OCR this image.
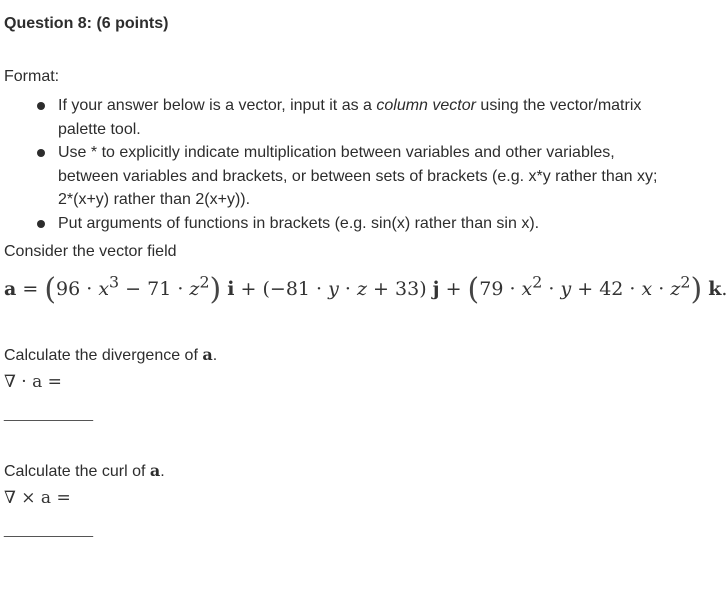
Question 8: (6 points)
Format:
If your answer below is a vector, input it as a column vector using the vector/matrix palette tool.
Use * to explicitly indicate multiplication between variables and other variables, between variables and brackets, or between sets of brackets (e.g. x*y rather than xy; 2*(x+y) rather than 2(x+y)).
Put arguments of functions in brackets (e.g. sin(x) rather than sin x).
Consider the vector field
$a = (96 \cdot x^3 - 71 \cdot z^2)$ i + (−81 · y · z + 33) $j + (79 \cdot x^2 \cdot y + 42 \cdot x \cdot z^2)$ k.
Calculate the divergence of a.
∇ · a =
__________
Calculate the curl of a.
∇ × a =
__________
